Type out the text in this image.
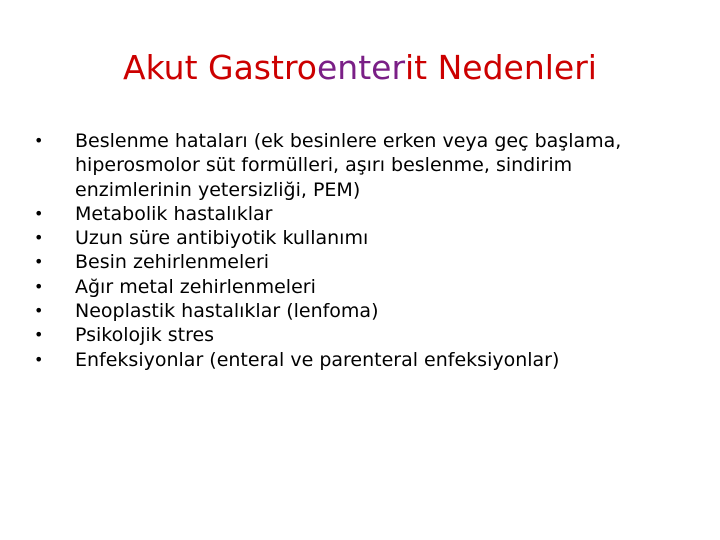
Akut Gastroenterit Nedenleri
• Beslenme hataları (ek besinlere erken veya geç başlama, hiperosmolor süt formülleri, aşırı beslenme, sindirim enzimlerinin yetersizliği, PEM)
• Metabolik hastalıklar
• Uzun süre antibiyotik kullanımı
• Besin zehirlenmeleri
• Ağır metal zehirlenmeleri
• Neoplastik hastalıklar (lenfoma)
• Psikolojik stres
• Enfeksiyonlar (enteral ve parenteral enfeksiyonlar)
